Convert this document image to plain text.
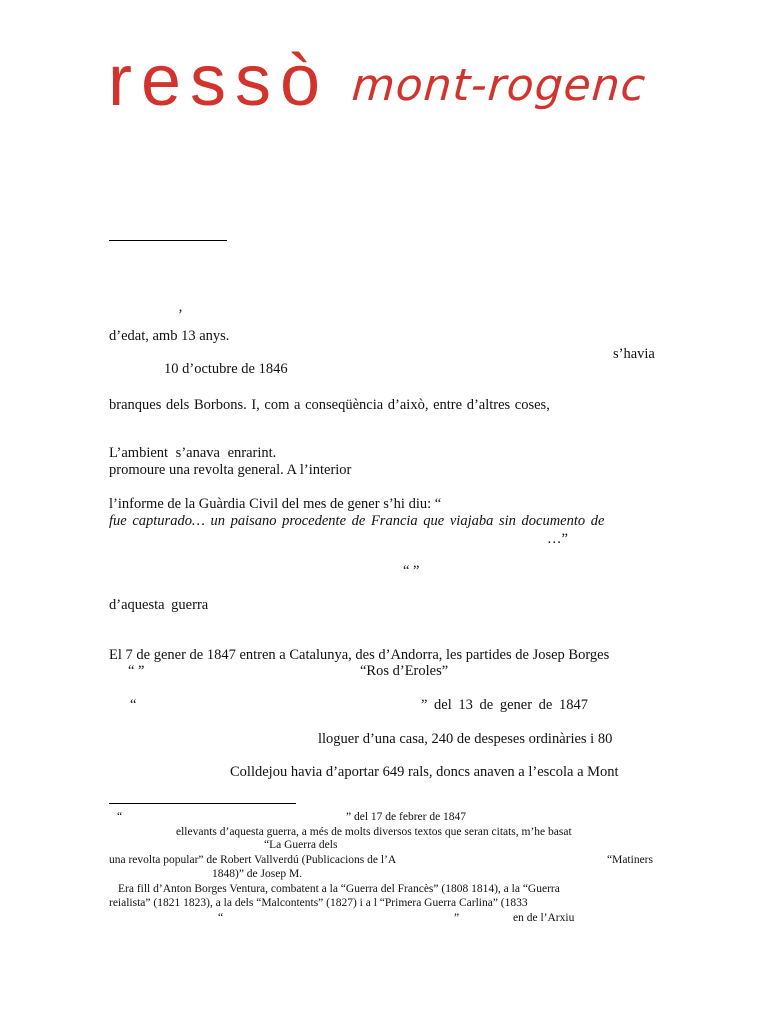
ressò mont-rogenc
’
d’edat, amb 13 anys.
s’havia
10 d’octubre de 1846
branques dels Borbons. I, com a conseqüència d’això, entre d’altres coses,
L’ambient s’anava enrarint.
promoure una revolta general. A l’interior
l’informe de la Guàrdia Civil del mes de gener s’hi diu: “
fue capturado… un paisano procedente de Francia que viajaba sin documento de
…”
“ ”
d’aquesta guerra
El 7 de gener de 1847 entren a Catalunya, des d’Andorra, les partides de Josep Borges
“ ”	“Ros d’Eroles”
“	” del 13 de gener de 1847
lloguer d’una casa, 240 de despeses ordinàries i 80
Colldejou havia d’aportar 649 rals, doncs anaven a l’escola a Mont
“	” del 17 de febrer de 1847
ellevants d’aquesta guerra, a més de molts diversos textos que seran citats, m’he basat
“La Guerra dels
una revolta popular” de Robert Vallverdú (Publicacions de l’A	“Matiners
1848)” de Josep M.
Era fill d’Anton Borges Ventura, combatent a la “Guerra del Francès” (1808 1814), a la “Guerra
reialista” (1821 1823), a la dels “Malcontents” (1827) i a l “Primera Guerra Carlina” (1833
“	”	en de l’Arxiu
